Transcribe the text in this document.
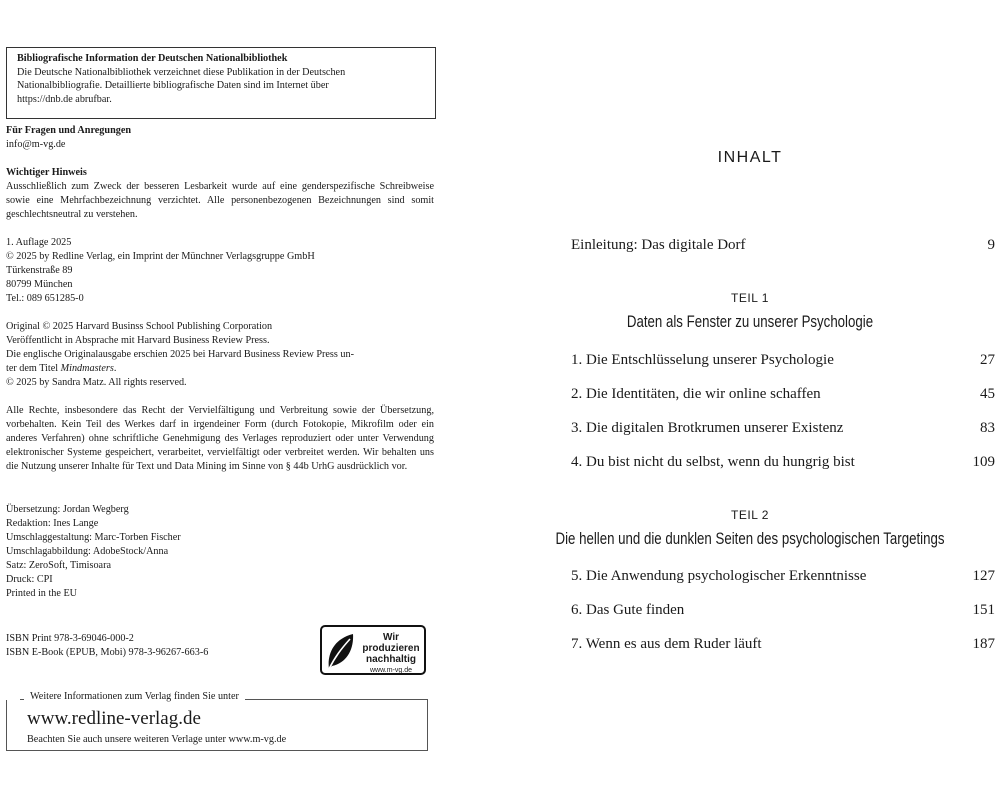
Bibliografische Information der Deutschen Nationalbibliothek
Die Deutsche Nationalbibliothek verzeichnet diese Publikation in der Deutschen
Nationalbibliografie. Detaillierte bibliografische Daten sind im Internet über
https://dnb.de abrufbar.
Für Fragen und Anregungen
info@m-vg.de
Wichtiger Hinweis
Ausschließlich zum Zweck der besseren Lesbarkeit wurde auf eine genderspezifische Schreibweise sowie eine Mehrfachbezeichnung verzichtet. Alle personenbezogenen Bezeichnungen sind somit geschlechtsneutral zu verstehen.
1. Auflage 2025
© 2025 by Redline Verlag, ein Imprint der Münchner Verlagsgruppe GmbH
Türkenstraße 89
80799 München
Tel.: 089 651285-0
Original © 2025 Harvard Businss School Publishing Corporation
Veröffentlicht in Absprache mit Harvard Business Review Press.
Die englische Originalausgabe erschien 2025 bei Harvard Business Review Press un-
ter dem Titel Mindmasters.
© 2025 by Sandra Matz. All rights reserved.
Alle Rechte, insbesondere das Recht der Vervielfältigung und Verbreitung sowie der Übersetzung, vorbehalten. Kein Teil des Werkes darf in irgendeiner Form (durch Fotokopie, Mikrofilm oder ein anderes Verfahren) ohne schriftliche Genehmigung des Verlages reproduziert oder unter Verwendung elektronischer Systeme gespeichert, verarbeitet, vervielfältigt oder verbreitet werden. Wir behalten uns die Nutzung unserer Inhalte für Text und Data Mining im Sinne von § 44b UrhG ausdrücklich vor.
Übersetzung: Jordan Wegberg
Redaktion: Ines Lange
Umschlaggestaltung: Marc-Torben Fischer
Umschlagabbildung: AdobeStock/Anna
Satz: ZeroSoft, Timisoara
Druck: CPI
Printed in the EU
ISBN Print 978-3-69046-000-2
ISBN E-Book (EPUB, Mobi) 978-3-96267-663-6
Wir produzieren
nachhaltig
www.m-vg.de
Weitere Informationen zum Verlag finden Sie unter
www.redline-verlag.de
Beachten Sie auch unsere weiteren Verlage unter www.m-vg.de
INHALT
Einleitung: Das digitale Dorf	9
TEIL 1
Daten als Fenster zu unserer Psychologie
1. Die Entschlüsselung unserer Psychologie	27
2. Die Identitäten, die wir online schaffen	45
3. Die digitalen Brotkrumen unserer Existenz	83
4. Du bist nicht du selbst, wenn du hungrig bist	109
TEIL 2
Die hellen und die dunklen Seiten des psychologischen Targetings
5. Die Anwendung psychologischer Erkenntnisse	127
6. Das Gute finden	151
7. Wenn es aus dem Ruder läuft	187
